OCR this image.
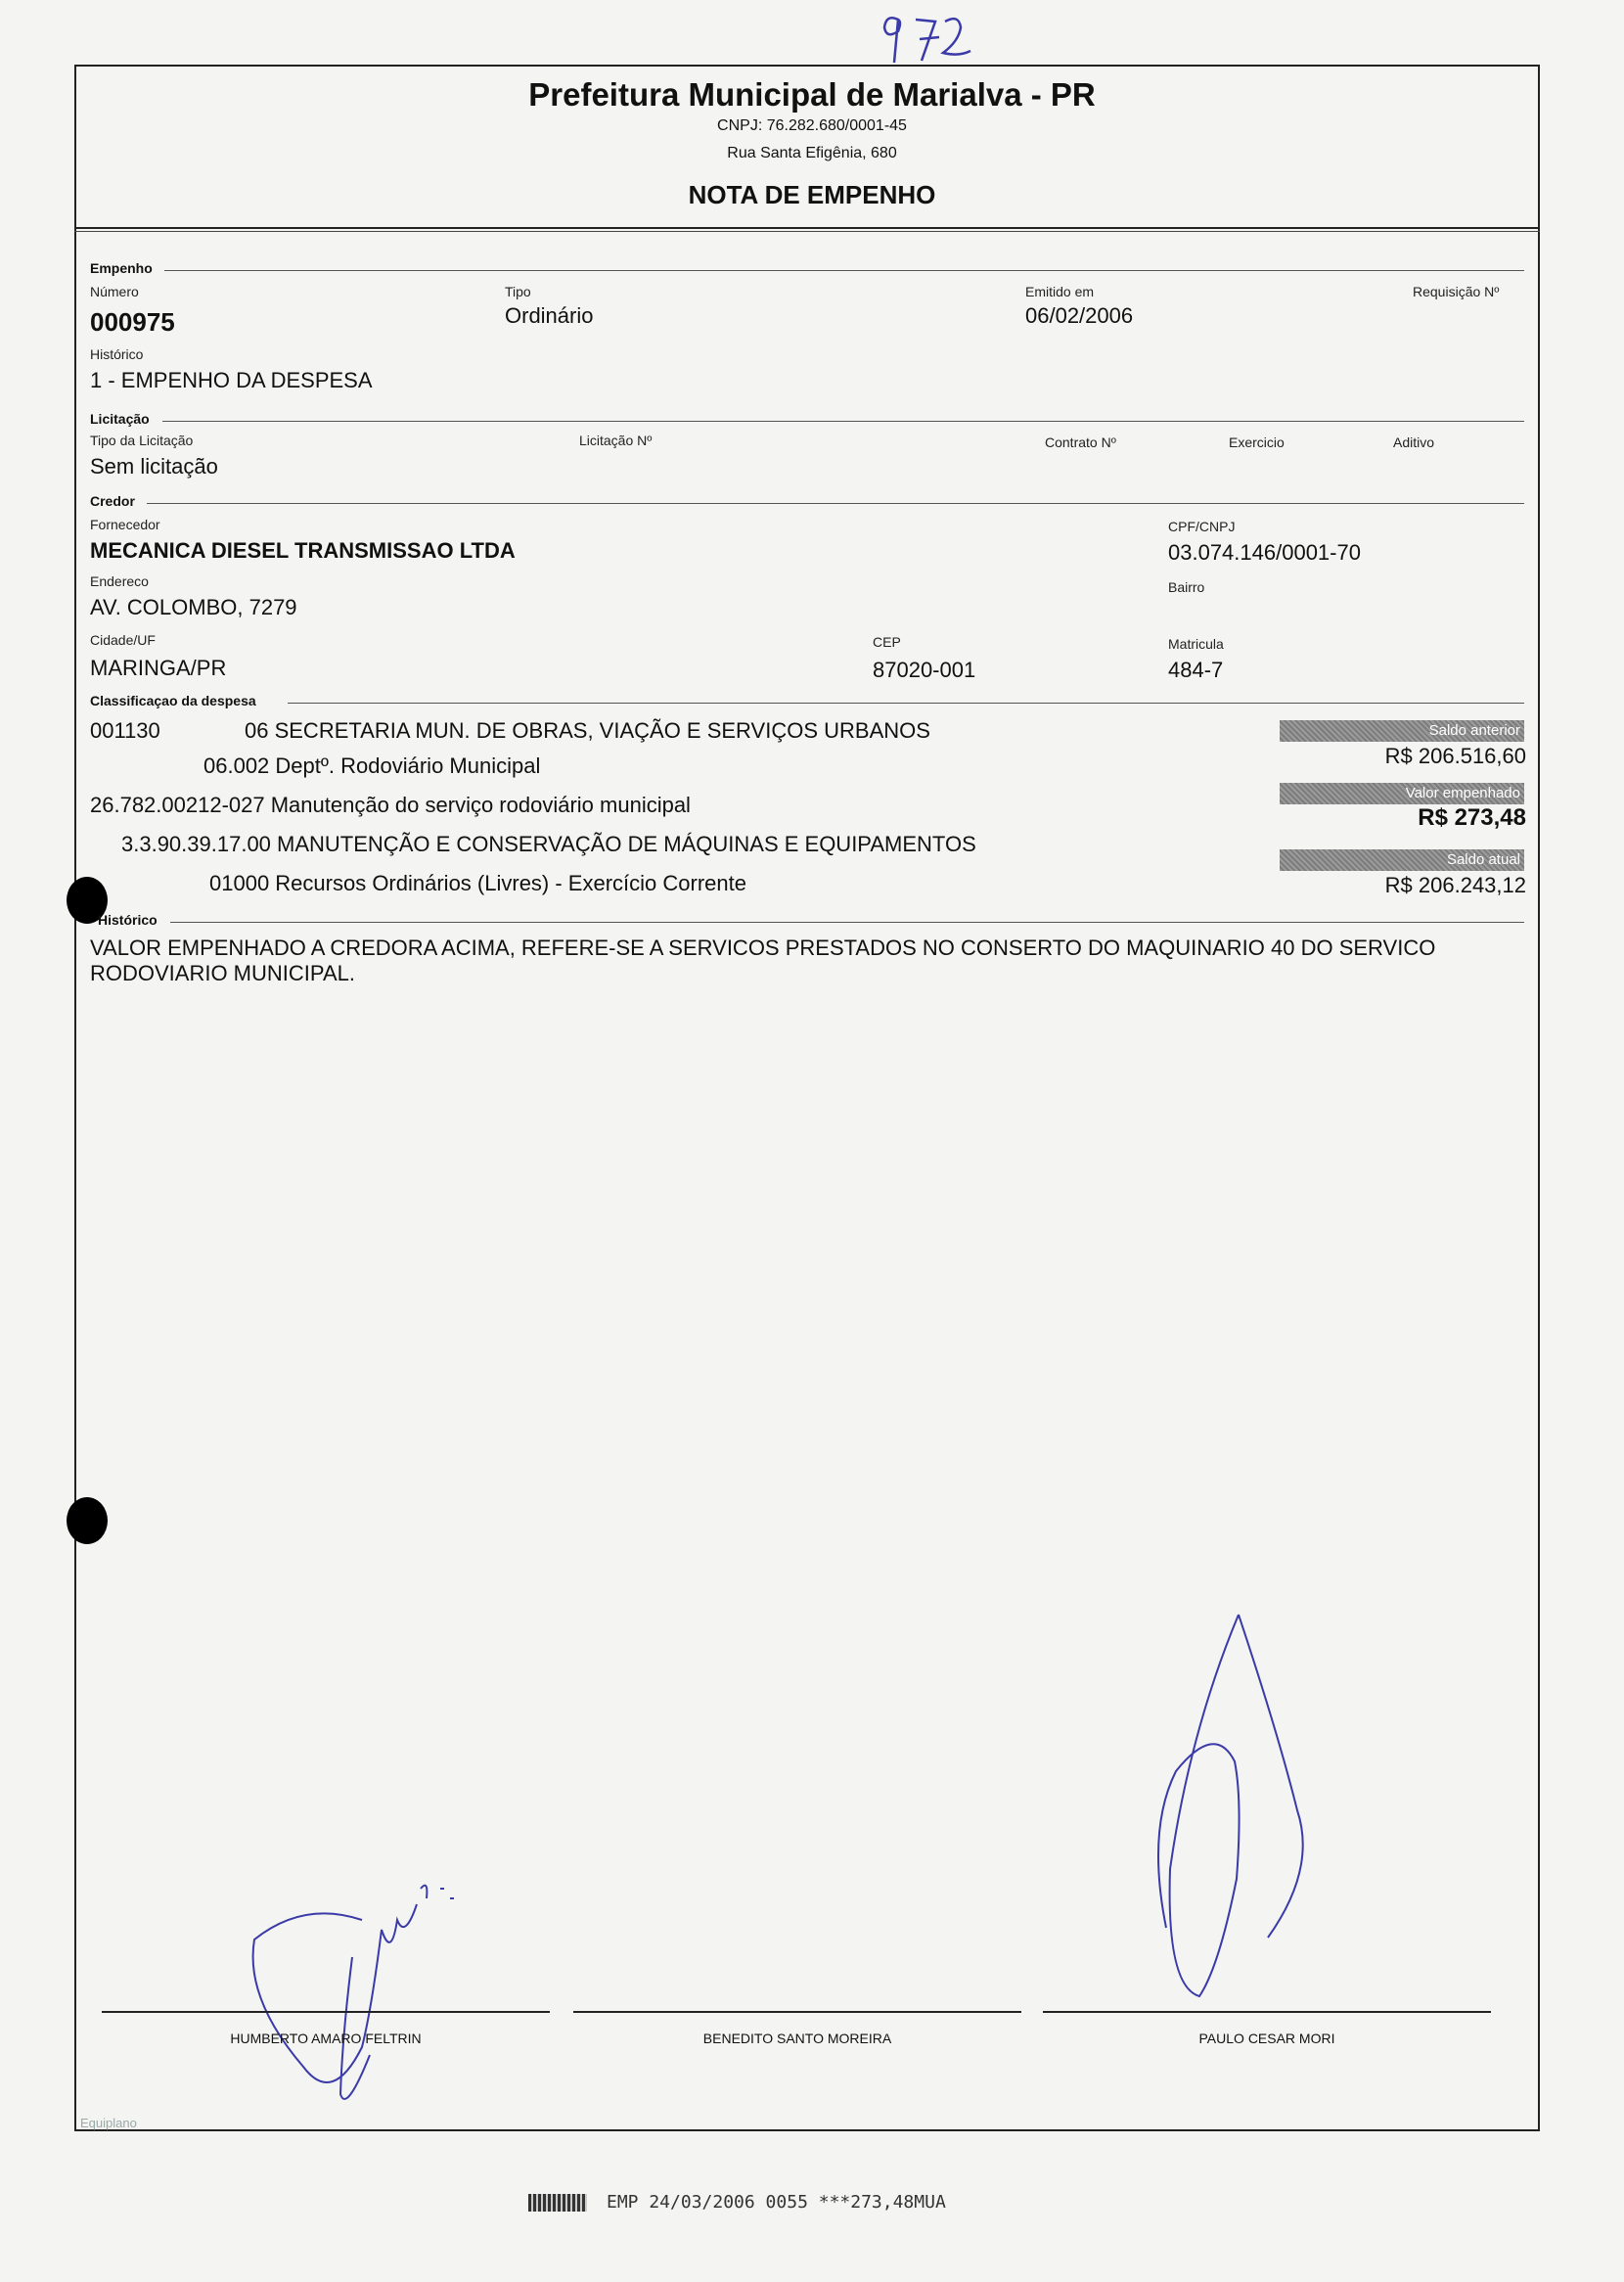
Prefeitura Municipal de Marialva - PR
CNPJ: 76.282.680/0001-45
Rua Santa Efigênia, 680
NOTA DE EMPENHO
Empenho
Número
000975
Tipo
Ordinário
Emitido em
06/02/2006
Requisição Nº
Histórico
1 - EMPENHO DA DESPESA
Licitação
Tipo da Licitação
Sem licitação
Licitação Nº	Contrato Nº	Exercicio	Aditivo
Credor
Fornecedor
MECANICA DIESEL TRANSMISSAO LTDA
CPF/CNPJ
03.074.146/0001-70
Endereco
AV. COLOMBO, 7279
Bairro
Cidade/UF
MARINGA/PR
CEP
87020-001
Matricula
484-7
Classificaçao da despesa
001130	06 SECRETARIA MUN. DE OBRAS, VIAÇÃO E SERVIÇOS URBANOS
06.002 Deptº. Rodoviário Municipal
26.782.00212-027 Manutenção do serviço rodoviário municipal
3.3.90.39.17.00 MANUTENÇÃO E CONSERVAÇÃO DE MÁQUINAS E EQUIPAMENTOS
01000 Recursos Ordinários (Livres) - Exercício Corrente
Saldo anterior
R$ 206.516,60
Valor empenhado
R$ 273,48
Saldo atual
R$ 206.243,12
Histórico
VALOR EMPENHADO A CREDORA ACIMA, REFERE-SE A SERVICOS PRESTADOS NO CONSERTO DO MAQUINARIO 40 DO SERVICO
RODOVIARIO MUNICIPAL.
HUMBERTO AMARO FELTRIN	BENEDITO SANTO MOREIRA	PAULO CESAR MORI
Equiplano
EMP 24/03/2006 0055 ***273,48MUA
